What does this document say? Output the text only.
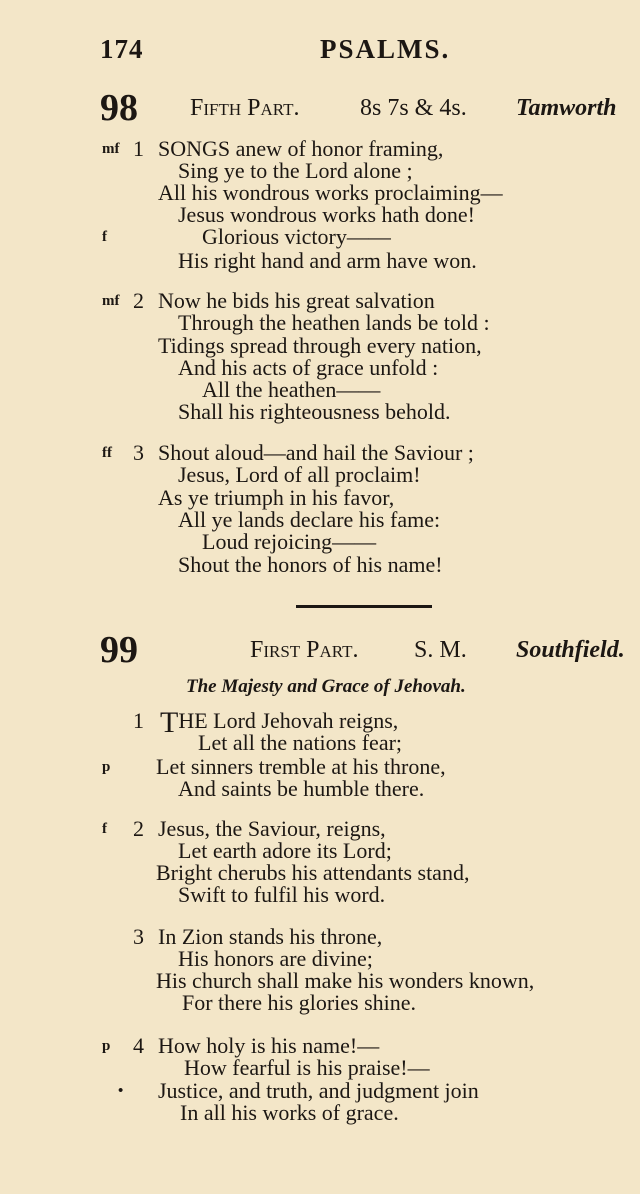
174	PSALMS.
98 Fifth Part.	8s 7s & 4s. Tamworth
mf 1 SONGS anew of honor framing,
Sing ye to the Lord alone ;
All his wondrous works proclaiming—
Jesus wondrous works hath done!
f	Glorious victory——
His right hand and arm have won.
mf 2 Now he bids his great salvation
Through the heathen lands be told :
Tidings spread through every nation,
And his acts of grace unfold :
All the heathen——
Shall his righteousness behold.
ff 3 Shout aloud—and hail the Saviour ;
Jesus, Lord of all proclaim!
As ye triumph in his favor,
All ye lands declare his fame:
Loud rejoicing——
Shout the honors of his name!
99	First Part. S. M. Southfield.
The Majesty and Grace of Jehovah.
1 THE Lord Jehovah reigns,
Let all the nations fear;
p Let sinners tremble at his throne,
And saints be humble there.
f 2 Jesus, the Saviour, reigns,
Let earth adore its Lord;
Bright cherubs his attendants stand,
Swift to fulfil his word.
3 In Zion stands his throne,
His honors are divine;
His church shall make his wonders known,
For there his glories shine.
p 4 How holy is his name!—
How fearful is his praise!—
• Justice, and truth, and judgment join
In all his works of grace.
